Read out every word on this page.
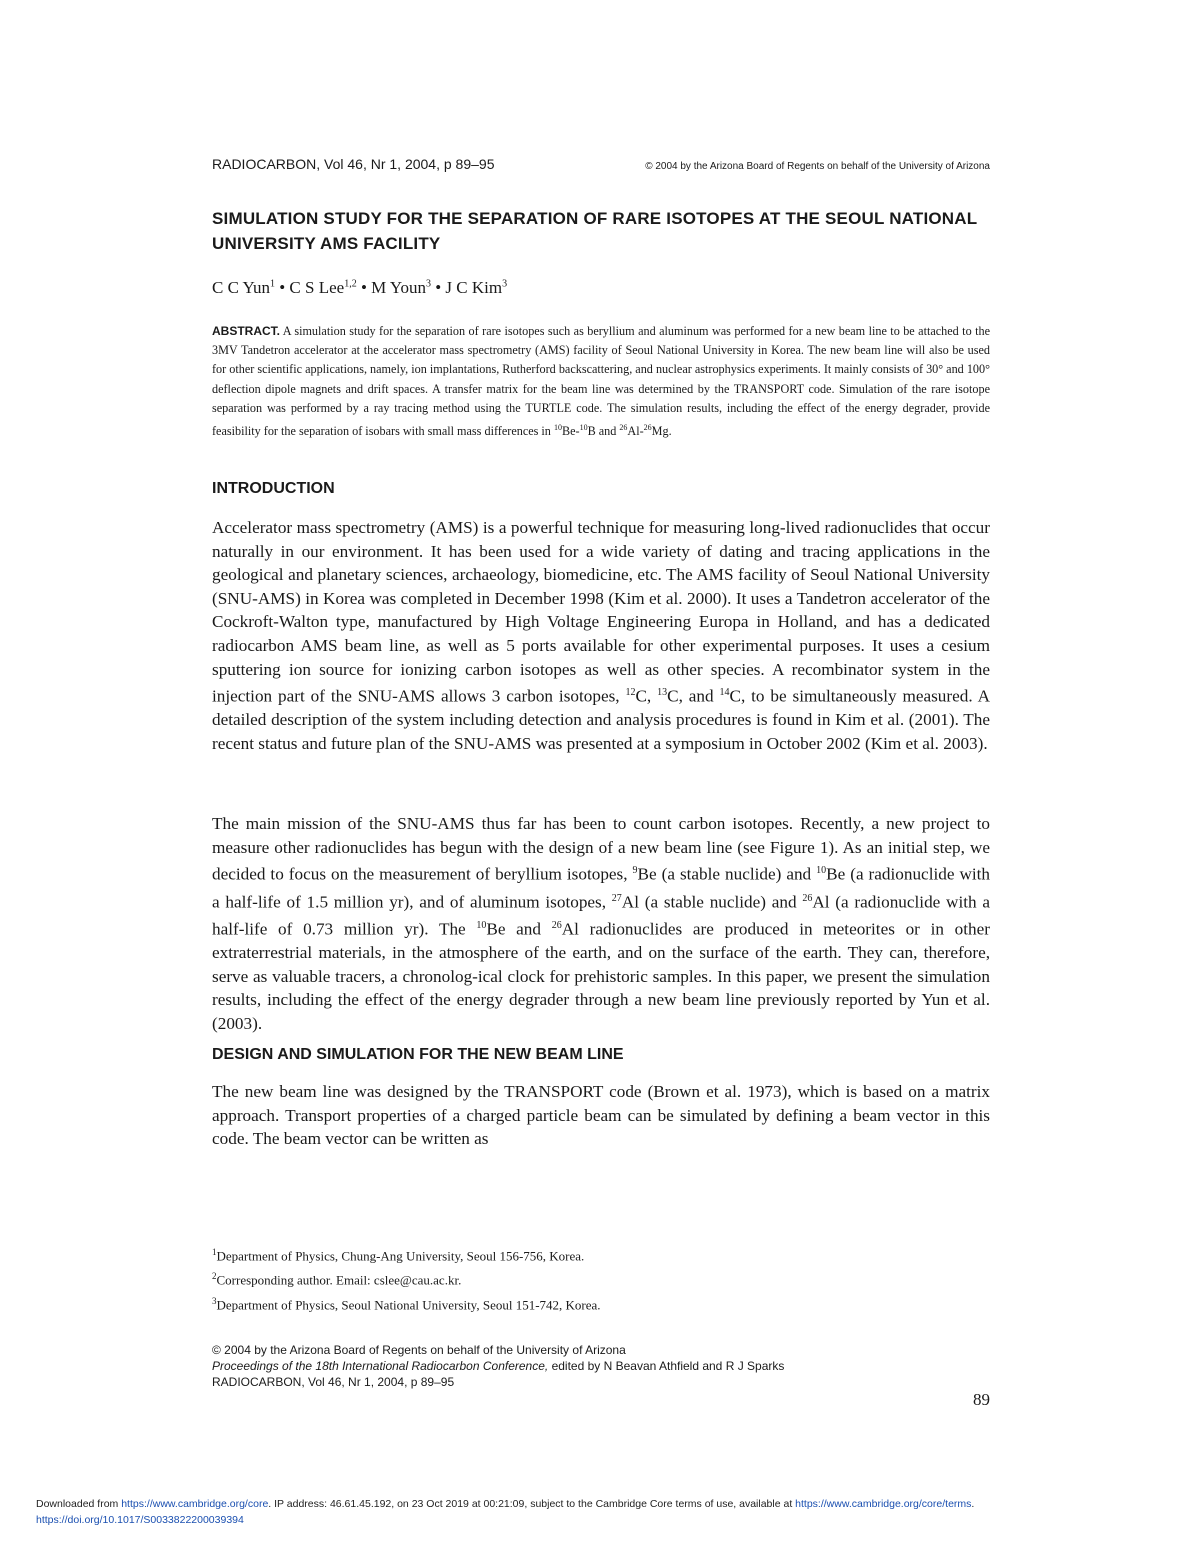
RADIOCARBON, Vol 46, Nr 1, 2004, p 89–95	© 2004 by the Arizona Board of Regents on behalf of the University of Arizona
SIMULATION STUDY FOR THE SEPARATION OF RARE ISOTOPES AT THE SEOUL NATIONAL UNIVERSITY AMS FACILITY
C C Yun$^1$ • C S Lee$^{1,2}$ • M Youn$^3$ • J C Kim$^3$
ABSTRACT. A simulation study for the separation of rare isotopes such as beryllium and aluminum was performed for a new beam line to be attached to the 3MV Tandetron accelerator at the accelerator mass spectrometry (AMS) facility of Seoul National University in Korea. The new beam line will also be used for other scientific applications, namely, ion implantations, Rutherford backscattering, and nuclear astrophysics experiments. It mainly consists of 30° and 100° deflection dipole magnets and drift spaces. A transfer matrix for the beam line was determined by the TRANSPORT code. Simulation of the rare isotope separation was performed by a ray tracing method using the TURTLE code. The simulation results, including the effect of the energy degrader, provide feasibility for the separation of isobars with small mass differences in $^{10}$Be-$^{10}$B and $^{26}$Al-$^{26}$Mg.
INTRODUCTION
Accelerator mass spectrometry (AMS) is a powerful technique for measuring long-lived radionuclides that occur naturally in our environment. It has been used for a wide variety of dating and tracing applications in the geological and planetary sciences, archaeology, biomedicine, etc. The AMS facility of Seoul National University (SNU-AMS) in Korea was completed in December 1998 (Kim et al. 2000). It uses a Tandetron accelerator of the Cockroft-Walton type, manufactured by High Voltage Engineering Europa in Holland, and has a dedicated radiocarbon AMS beam line, as well as 5 ports available for other experimental purposes. It uses a cesium sputtering ion source for ionizing carbon isotopes as well as other species. A recombinator system in the injection part of the SNU-AMS allows 3 carbon isotopes, $^{12}$C, $^{13}$C, and $^{14}$C, to be simultaneously measured. A detailed description of the system including detection and analysis procedures is found in Kim et al. (2001). The recent status and future plan of the SNU-AMS was presented at a symposium in October 2002 (Kim et al. 2003).
The main mission of the SNU-AMS thus far has been to count carbon isotopes. Recently, a new project to measure other radionuclides has begun with the design of a new beam line (see Figure 1). As an initial step, we decided to focus on the measurement of beryllium isotopes, $^9$Be (a stable nuclide) and $^{10}$Be (a radionuclide with a half-life of 1.5 million yr), and of aluminum isotopes, $^{27}$Al (a stable nuclide) and $^{26}$Al (a radionuclide with a half-life of 0.73 million yr). The $^{10}$Be and $^{26}$Al radionuclides are produced in meteorites or in other extraterrestrial materials, in the atmosphere of the earth, and on the surface of the earth. They can, therefore, serve as valuable tracers, a chronolog-ical clock for prehistoric samples. In this paper, we present the simulation results, including the effect of the energy degrader through a new beam line previously reported by Yun et al. (2003).
DESIGN AND SIMULATION FOR THE NEW BEAM LINE
The new beam line was designed by the TRANSPORT code (Brown et al. 1973), which is based on a matrix approach. Transport properties of a charged particle beam can be simulated by defining a beam vector in this code. The beam vector can be written as
$^1$Department of Physics, Chung-Ang University, Seoul 156-756, Korea.
$^2$Corresponding author. Email: cslee@cau.ac.kr.
$^3$Department of Physics, Seoul National University, Seoul 151-742, Korea.
© 2004 by the Arizona Board of Regents on behalf of the University of Arizona
Proceedings of the 18th International Radiocarbon Conference, edited by N Beavan Athfield and R J Sparks
RADIOCARBON, Vol 46, Nr 1, 2004, p 89–95
89
Downloaded from https://www.cambridge.org/core. IP address: 46.61.45.192, on 23 Oct 2019 at 00:21:09, subject to the Cambridge Core terms of use, available at https://www.cambridge.org/core/terms.
https://doi.org/10.1017/S0033822200039394
